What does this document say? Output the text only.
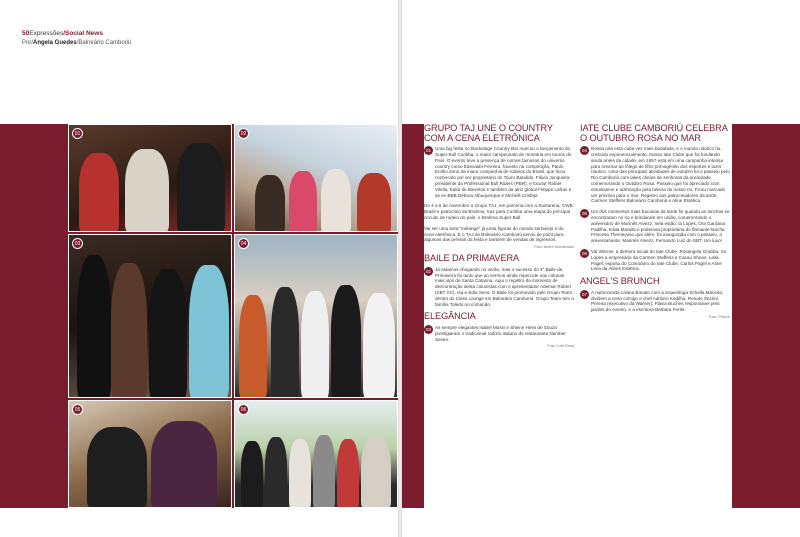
50Expressões/Social News
Por/Angela Guedes/Balneário Camboriú
01	02
03	04
05	06
GRUPO TAJ UNE O COUNTRY COM A CENA ELETRÔNICA
01 Uma big festa no Backstage Country Bar marcou o lançamento do Super Bull Curitiba, o maior campeonato de montaria em touros do País. O evento teve a presença de nomes famosos do universo country como Edevaldo Ferreira, favorito na competição, Paulo Emílio dono da maior companhia de rodeios do Brasil, que ficou conhecido por ser proprietário do Touro Bandido, Flávio Junqueira presidente da Professional Bull Riders (PBR), e locutor Rafael Vilella, Kaká de Barretos e também da atriz global Felippe Lafran e as ex-BBB Débora Albuquerque e Michelli Crisfepi.
De 4 a 6 de novembro o Grupo TAJ, em parceria com a Santarena, CWB Brasil e patrocínio da Brahma, traz para Curitiba uma etapa do principal circuito de rodeio do país, o Brahma Super Bull.
Vai ser uma bela "mélange" já junta figuras do mundo sertanejo e da cena eletrônica. E o TAJ de Balneário Camboriú serviu de point para algumas das prévias da festa e também de vendas de ingressos.
Foto: Andre Mordenado
BAILE DA PRIMAVERA
02 Já estamos chegando no verão, mas o sucesso do 3° Baile da Primavera foi tanto que ao sermos ainda repercute nas colunas mais vips de Santa Catarina. Aqui o registro da momento de descontração desta colunistas com o apresentador Ademar Robert (SBT SC), Isa e Edla Sens. O Baile foi promovido pelo Grupo Team, dentro do Class Lounge em Balneário Camboriú. Grupo Team tem a família Toledo no comando.
ELEGÂNCIA
03 As sempre elegantes Isabel Mussi e Sheine Hess de Souza prestigiaram o tradicional rodízio italiano do restaurante Number Seven.
Foto: Loiti Rosa
IATE CLUBE CAMBORIÚ CELEBRA O OUTUBRO ROSA NO MAR
04 Nossa orla está cada vez mais badalada, e o mundo náutico ha crescido exponencialmente. Nosso Iate Clube que foi fundando ainda antes da cidade, em 1957 está em uma campanha intensa para retomar ao fôlego de filho primogênito dos esportes e lazer náutico. Uma das principais atividades de outubro foi o passeio pelo Rio Camboriú com lakes cheios de senhoras da sociedade comemorando o Outubro Rosa. Passeio que foi apreciado com entusiasmo e admiração pela beleza do nosso rio. Ficou marcado um próximo para o mar. Registro aos patrocinadores da tarde, Carmen Steffens Balneário Camboriú e Aline Estética.
05 Um dos momentos mais bacanas da tarde foi quando as lanchas se encontraram no rio e brindaram em união, comemorando o aniversário de Marinês Alvezz, nela estão: la Lopes, Ora Gardana Padilha, Kátia Marasti e poderosa proprietária do flamante lancha Princesa Themeyuso que além, foi inaugurada com o passeio, a aniversariante, Marinês Alvezz, Fernando Luiz do SBT. Um luxo!
06 Val Wörner, a diretora social do Iate Clube, Rosangela Grubba, Su Lopes a empresária da Carmen Steffens e Cacau Shoes, Leila Pagel, esposa do Comodoro do Iate Clube, Carlos Pagel e Aline Lima da Alines Estética.
ANGEL'S BRUNCH
07 A nutricionista Liliana Bonato com a arqueóloga Schella Macedo, dividem a cena comigo e chef Adriano Kedilha. Renato Sezrini Pereira (executivo da Warner), Flávia Buches responsável pelo jardins do evento, e a escritora Bárbara Ferlet.
Foto: Piklore
